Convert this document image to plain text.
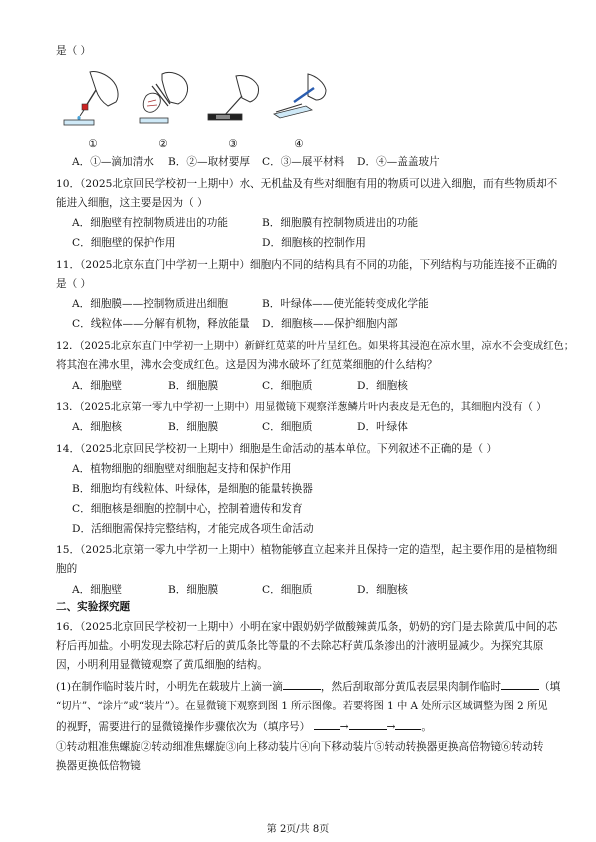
是（ ）
①	②	③	④
A．①—滴加清水 B．②—取材要厚 C．③—展平材料 D．④—盖盖玻片
10．（2025北京回民学校初一上期中）水、无机盐及有些对细胞有用的物质可以进入细胞，而有些物质却不
能进入细胞，这主要是因为（ ）
A．细胞壁有控制物质进出的功能	B．细胞膜有控制物质进出的功能
C．细胞壁的保护作用	D．细胞核的控制作用
11．（2025北京东直门中学初一上期中）细胞内不同的结构具有不同的功能，下列结构与功能连接不正确的
是（ ）
A．细胞膜——控制物质进出细胞	B．叶绿体——使光能转变成化学能
C．线粒体——分解有机物，释放能量 D．细胞核——保护细胞内部
12．（2025北京东直门中学初一上期中）新鲜红苋菜的叶片呈红色。如果将其浸泡在凉水里，凉水不会变成红色；
将其泡在沸水里，沸水会变成红色。这是因为沸水破坏了红苋菜细胞的什么结构？
A．细胞壁	B．细胞膜	C．细胞质	D．细胞核
13．（2025北京第一零九中学初一上期中）用显微镜下观察洋葱鳞片叶内表皮是无色的，其细胞内没有（ ）
A．细胞核	B．细胞膜	C．细胞质	D．叶绿体
14．（2025北京回民学校初一上期中）细胞是生命活动的基本单位。下列叙述不正确的是（ ）
A．植物细胞的细胞壁对细胞起支持和保护作用
B．细胞均有线粒体、叶绿体，是细胞的能量转换器
C．细胞核是细胞的控制中心，控制着遗传和发育
D．活细胞需保持完整结构，才能完成各项生命活动
15．（2025北京第一零九中学初一上期中）植物能够直立起来并且保持一定的造型，起主要作用的是植物细
胞的
A．细胞壁	B．细胞膜	C．细胞质	D．细胞核
二、实验探究题
16．（2025北京回民学校初一上期中）小明在家中跟奶奶学做酸辣黄瓜条，奶奶的窍门是去除黄瓜中间的芯
籽后再加盐。小明发现去除芯籽后的黄瓜条比等量的不去除芯籽黄瓜条渗出的汁液明显减少。为探究其原
因，小明利用显微镜观察了黄瓜细胞的结构。
(1)在制作临时装片时，小明先在载玻片上滴一滴	，然后刮取部分黄瓜表层果肉制作临时	（填
“切片”、“涂片”或“装片”）。在显微镜下观察到图 1 所示图像。若要将图 1 中 A 处所示区域调整为图 2 所见
的视野，需要进行的显微镜操作步骤依次为（填序号）	→	→ 。
①转动粗准焦螺旋②转动细准焦螺旋③向上移动装片④向下移动装片⑤转动转换器更换高倍物镜⑥转动转
换器更换低倍物镜
第 2页/共 8页
